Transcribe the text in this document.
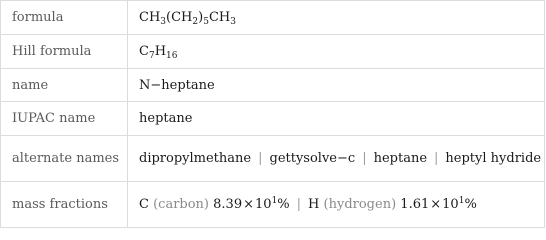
formula	$CH_3(CH_2)_5CH_3$
Hill formula	$C_7H_{16}$
name	N−heptane
IUPAC name	heptane
alternate names	dipropylmethane | gettysolve−c | heptane | heptyl hydride
mass fractions	C (carbon) $8.39\times 10^1\%$ | H (hydrogen) $1.61\times 10^1\%$
